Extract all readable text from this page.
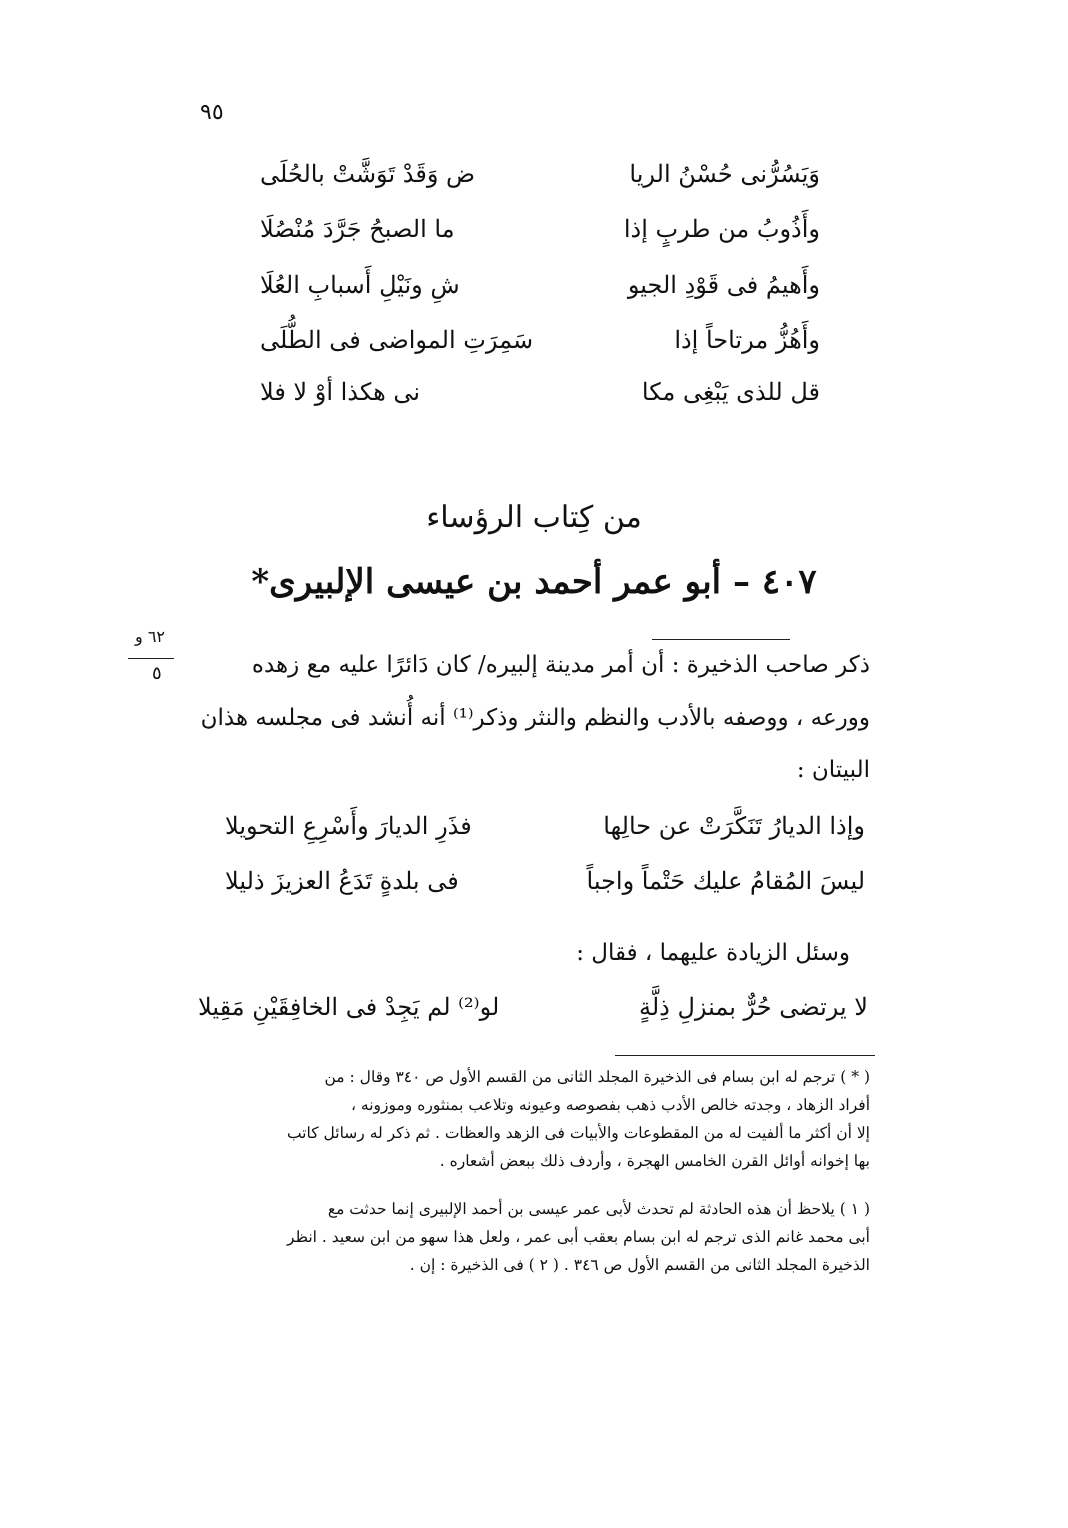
٩٥
وَيَسُرُّنى حُسْنُ الريا
ض وَقَدْ تَوَشَّتْ بالحُلَى
وأَذُوبُ من طربٍ إذا
ما الصبحُ جَرَّدَ مُنْصُلَا
وأَهيمُ فى قَوْدِ الجيو
شِ ونَيْلِ أَسبابِ العُلَا
وأَهُزُّ مرتاحاً إذا
سَمِرَتِ المواضى فى الطُّلَى
قل للذى يَبْغِى مكا
نى هكذا أوْ لا فلا
من كِتاب الرؤساء
٤٠٧ – أبو عمر أحمد بن عيسى الإلبيرى*
٦٢ و
٥	ذكر صاحب الذخيرة : أن أمر مدينة إلبيره/ كان دَائرًا عليه مع زهده
وورعه ، ووصفه بالأدب والنظم والنثر وذكر⁽¹⁾ أنه أُنشد فى مجلسه هذان
البيتان :
وإذا الديارُ تَنَكَّرَتْ عن حالِها
فذَرِ الديارَ وأَسْرِعِ التحويلا
ليسَ المُقامُ عليك حَتْماً واجباً
فى بلدةٍ تَدَعُ العزيزَ ذليلا
وسئل الزيادة عليهما ، فقال :
لا يرتضى حُرٌّ بمنزلِ ذِلَّةٍ
لو⁽²⁾ لم يَجِدْ فى الخافِقَيْنِ مَقِيلا
( * ) ترجم له ابن بسام فى الذخيرة المجلد الثانى من القسم الأول ص ٣٤٠ وقال : من
أفراد الزهاد ، وجدته خالص الأدب ذهب بفصوصه وعيونه وتلاعب بمنثوره وموزونه ،
إلا أن أكثر ما ألفيت له من المقطوعات والأبيات فى الزهد والعظات . ثم ذكر له رسائل كاتب
بها إخوانه أوائل القرن الخامس الهجرة ، وأردف ذلك ببعض أشعاره .
( ١ ) يلاحظ أن هذه الحادثة لم تحدث لأبى عمر عيسى بن أحمد الإلبيرى إنما حدثت مع
أبى محمد غانم الذى ترجم له ابن بسام بعقب أبى عمر ، ولعل هذا سهو من ابن سعيد . انظر
الذخيرة المجلد الثانى من القسم الأول ص ٣٤٦ . ( ٢ ) فى الذخيرة : إن .
